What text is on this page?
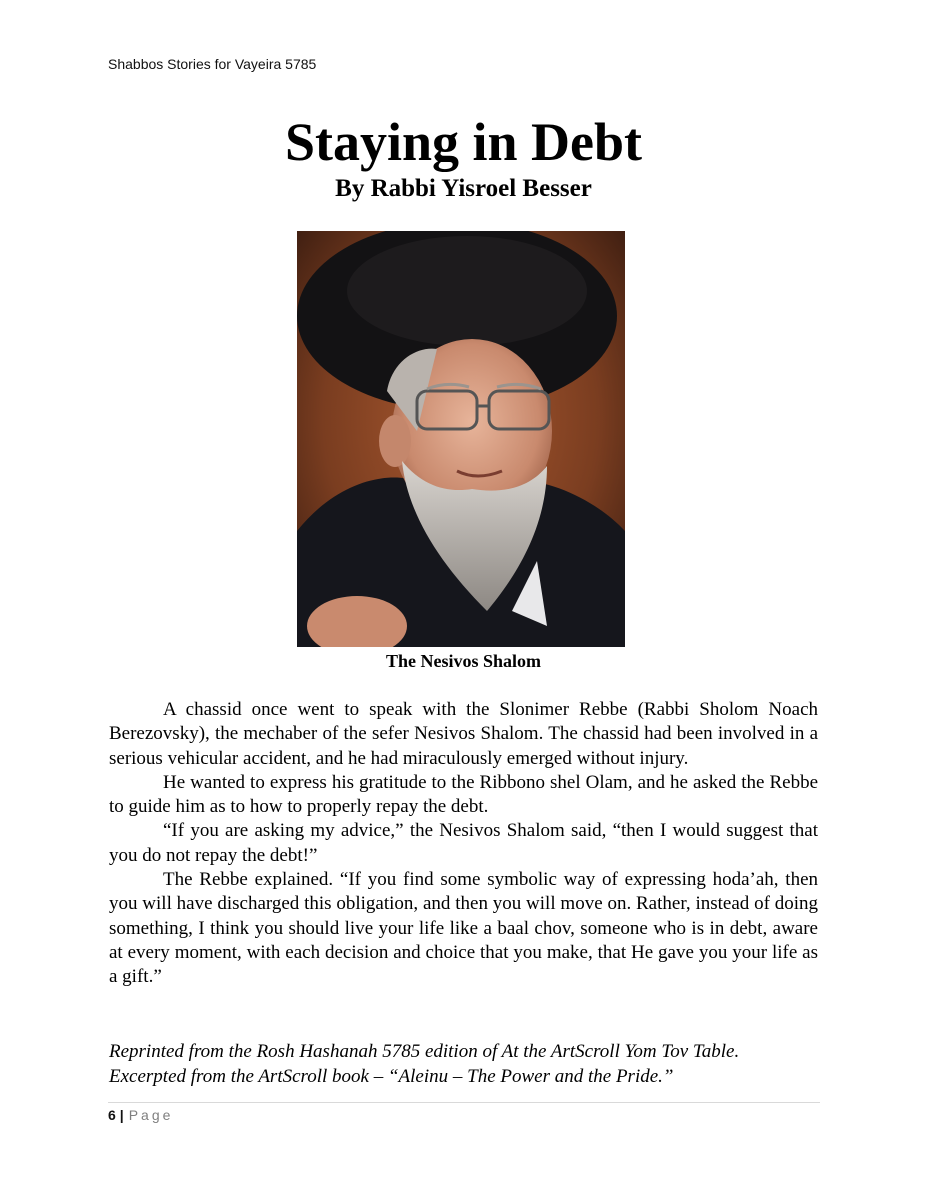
Shabbos Stories for Vayeira 5785
Staying in Debt
By Rabbi Yisroel Besser
The Nesivos Shalom

A chassid once went to speak with the Slonimer Rebbe (Rabbi Sholom Noach Berezovsky), the mechaber of the sefer Nesivos Shalom. The chassid had been involved in a serious vehicular accident, and he had miraculously emerged without injury.

He wanted to express his gratitude to the Ribbono shel Olam, and he asked the Rebbe to guide him as to how to properly repay the debt.

“If you are asking my advice,” the Nesivos Shalom said, “then I would suggest that you do not repay the debt!”

The Rebbe explained. “If you find some symbolic way of expressing hoda’ah, then you will have discharged this obligation, and then you will move on. Rather, instead of doing something, I think you should live your life like a baal chov, someone who is in debt, aware at every moment, with each decision and choice that you make, that He gave you your life as a gift.”

Reprinted from the Rosh Hashanah 5785 edition of At the ArtScroll Yom Tov Table.
Excerpted from the ArtScroll book – “Aleinu – The Power and the Pride.”
6 | Page
